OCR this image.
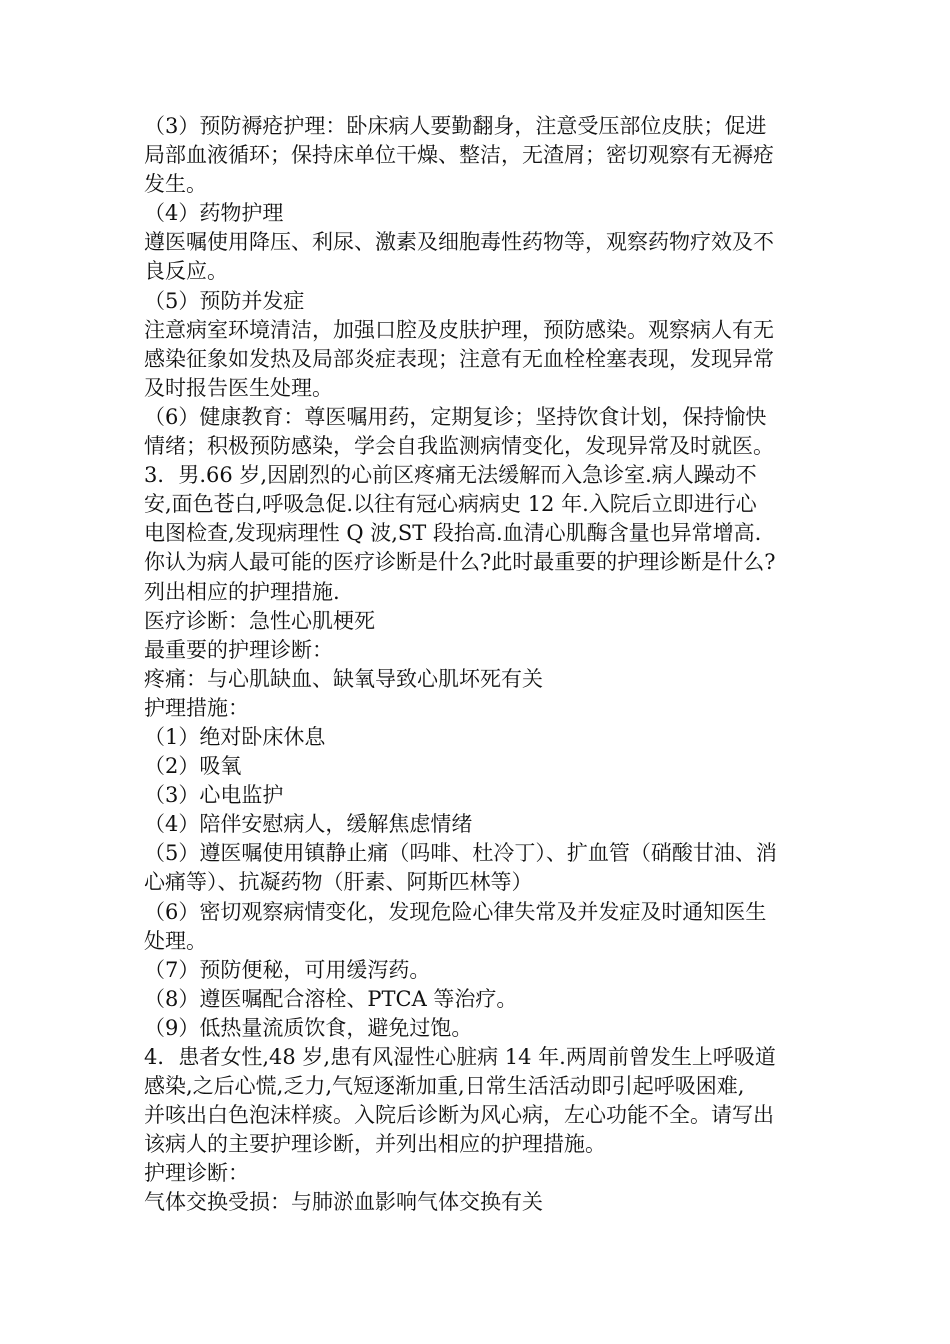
（3）预防褥疮护理：卧床病人要勤翻身，注意受压部位皮肤；促进
局部血液循环；保持床单位干燥、整洁，无渣屑；密切观察有无褥疮
发生。
（4）药物护理
遵医嘱使用降压、利尿、激素及细胞毒性药物等，观察药物疗效及不
良反应。
（5）预防并发症
注意病室环境清洁，加强口腔及皮肤护理，预防感染。观察病人有无
感染征象如发热及局部炎症表现；注意有无血栓栓塞表现，发现异常
及时报告医生处理。
（6）健康教育：尊医嘱用药，定期复诊；坚持饮食计划，保持愉快
情绪；积极预防感染，学会自我监测病情变化，发现异常及时就医。
3．男.66 岁,因剧烈的心前区疼痛无法缓解而入急诊室.病人躁动不
安,面色苍白,呼吸急促.以往有冠心病病史 12 年.入院后立即进行心
电图检查,发现病理性 Q 波,ST 段抬高.血清心肌酶含量也异常增高.
你认为病人最可能的医疗诊断是什么?此时最重要的护理诊断是什么?
列出相应的护理措施.
医疗诊断：急性心肌梗死
最重要的护理诊断：
疼痛：与心肌缺血、缺氧导致心肌坏死有关
护理措施：
（1）绝对卧床休息
（2）吸氧
（3）心电监护
（4）陪伴安慰病人，缓解焦虑情绪
（5）遵医嘱使用镇静止痛（吗啡、杜冷丁）、扩血管（硝酸甘油、消
心痛等）、抗凝药物（肝素、阿斯匹林等）
（6）密切观察病情变化，发现危险心律失常及并发症及时通知医生
处理。
（7）预防便秘，可用缓泻药。
（8）遵医嘱配合溶栓、PTCA 等治疗。
（9）低热量流质饮食，避免过饱。
4．患者女性,48 岁,患有风湿性心脏病 14 年.两周前曾发生上呼吸道
感染,之后心慌,乏力,气短逐渐加重,日常生活活动即引起呼吸困难,
并咳出白色泡沫样痰。入院后诊断为风心病，左心功能不全。请写出
该病人的主要护理诊断，并列出相应的护理措施。
护理诊断：
气体交换受损：与肺淤血影响气体交换有关
